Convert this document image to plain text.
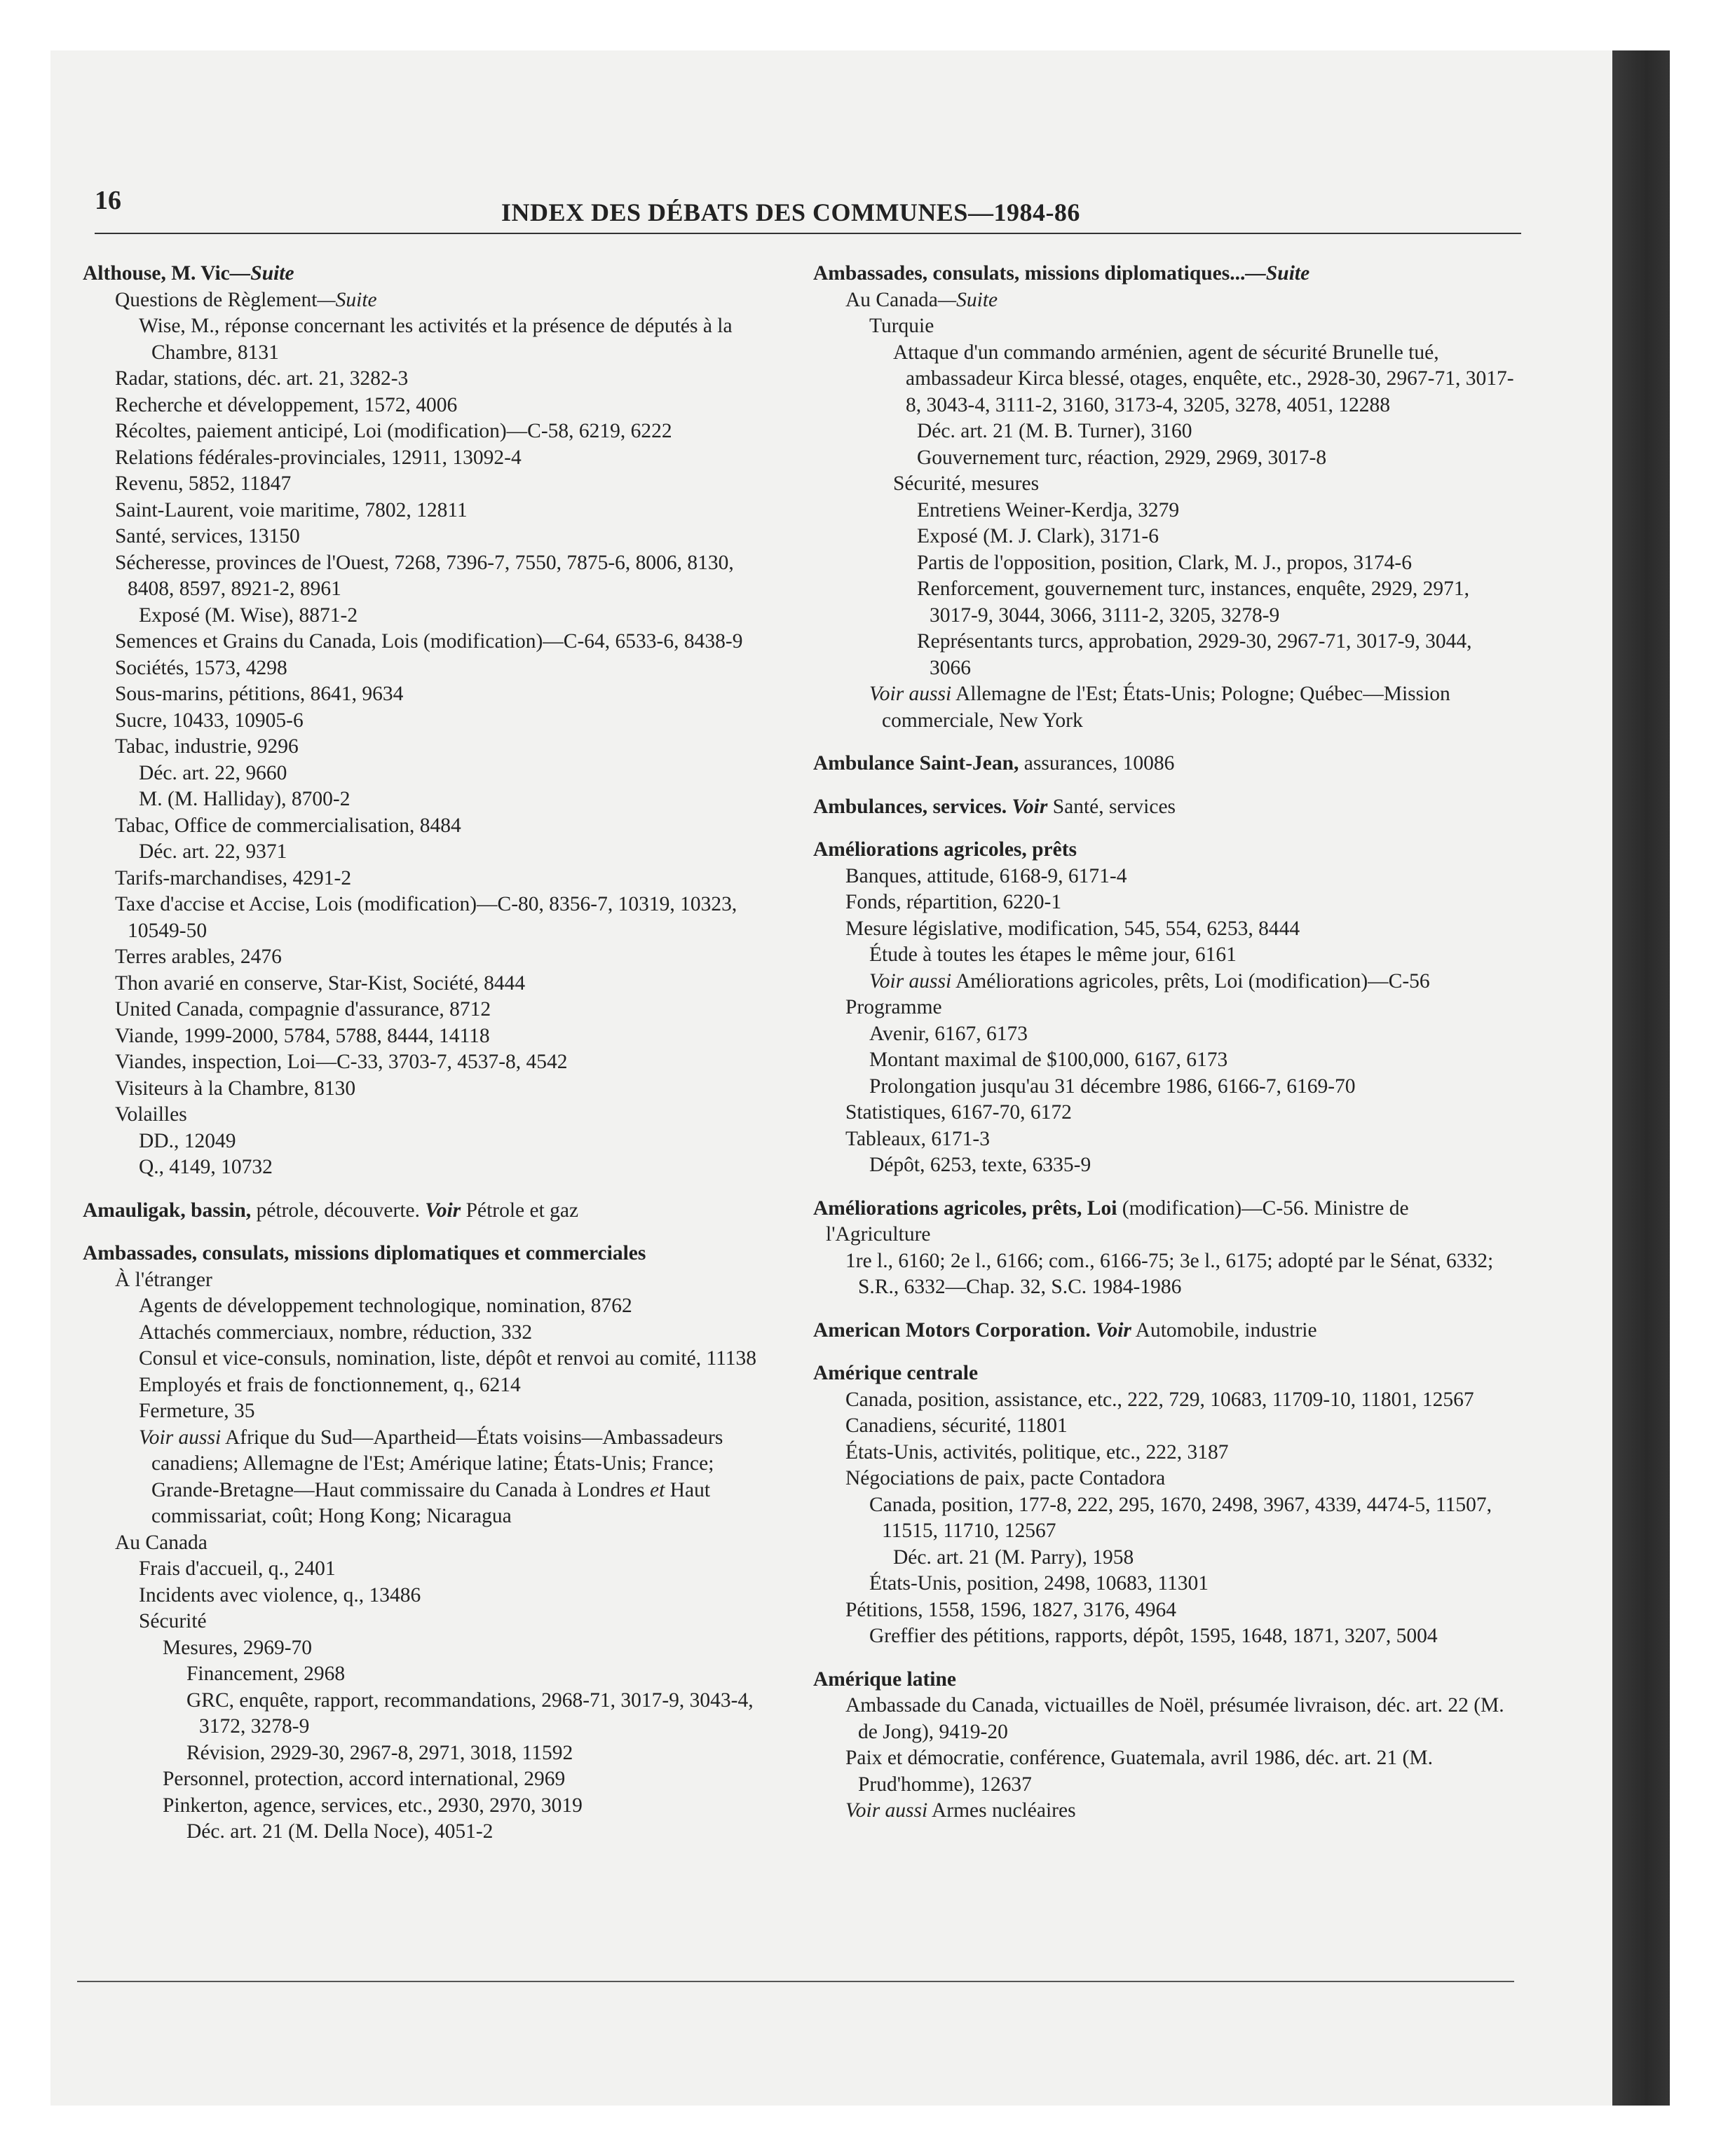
16	INDEX DES DÉBATS DES COMMUNES—1984-86
Althouse, M. Vic—Suite
Questions de Règlement—Suite
Wise, M., réponse concernant les activités et la présence de députés à la Chambre, 8131
Radar, stations, déc. art. 21, 3282-3
Recherche et développement, 1572, 4006
Récoltes, paiement anticipé, Loi (modification)—C-58, 6219, 6222
Relations fédérales-provinciales, 12911, 13092-4
Revenu, 5852, 11847
Saint-Laurent, voie maritime, 7802, 12811
Santé, services, 13150
Sécheresse, provinces de l'Ouest, 7268, 7396-7, 7550, 7875-6, 8006, 8130, 8408, 8597, 8921-2, 8961
Exposé (M. Wise), 8871-2
Semences et Grains du Canada, Lois (modification)—C-64, 6533-6, 8438-9
Sociétés, 1573, 4298
Sous-marins, pétitions, 8641, 9634
Sucre, 10433, 10905-6
Tabac, industrie, 9296
Déc. art. 22, 9660
M. (M. Halliday), 8700-2
Tabac, Office de commercialisation, 8484
Déc. art. 22, 9371
Tarifs-marchandises, 4291-2
Taxe d'accise et Accise, Lois (modification)—C-80, 8356-7, 10319, 10323, 10549-50
Terres arables, 2476
Thon avarié en conserve, Star-Kist, Société, 8444
United Canada, compagnie d'assurance, 8712
Viande, 1999-2000, 5784, 5788, 8444, 14118
Viandes, inspection, Loi—C-33, 3703-7, 4537-8, 4542
Visiteurs à la Chambre, 8130
Volailles
DD., 12049
Q., 4149, 10732
Amauligak, bassin, pétrole, découverte. Voir Pétrole et gaz
Ambassades, consulats, missions diplomatiques et commerciales
À l'étranger
Agents de développement technologique, nomination, 8762
Attachés commerciaux, nombre, réduction, 332
Consul et vice-consuls, nomination, liste, dépôt et renvoi au comité, 11138
Employés et frais de fonctionnement, q., 6214
Fermeture, 35
Voir aussi Afrique du Sud—Apartheid—États voisins—Ambassadeurs canadiens; Allemagne de l'Est; Amérique latine; États-Unis; France; Grande-Bretagne—Haut commissaire du Canada à Londres et Haut commissariat, coût; Hong Kong; Nicaragua
Au Canada
Frais d'accueil, q., 2401
Incidents avec violence, q., 13486
Sécurité
Mesures, 2969-70
Financement, 2968
GRC, enquête, rapport, recommandations, 2968-71, 3017-9, 3043-4, 3172, 3278-9
Révision, 2929-30, 2967-8, 2971, 3018, 11592
Personnel, protection, accord international, 2969
Pinkerton, agence, services, etc., 2930, 2970, 3019
Déc. art. 21 (M. Della Noce), 4051-2
Ambassades, consulats, missions diplomatiques...—Suite
Au Canada—Suite
Turquie
Attaque d'un commando arménien, agent de sécurité Brunelle tué, ambassadeur Kirca blessé, otages, enquête, etc., 2928-30, 2967-71, 3017-8, 3043-4, 3111-2, 3160, 3173-4, 3205, 3278, 4051, 12288
Déc. art. 21 (M. B. Turner), 3160
Gouvernement turc, réaction, 2929, 2969, 3017-8
Sécurité, mesures
Entretiens Weiner-Kerdja, 3279
Exposé (M. J. Clark), 3171-6
Partis de l'opposition, position, Clark, M. J., propos, 3174-6
Renforcement, gouvernement turc, instances, enquête, 2929, 2971, 3017-9, 3044, 3066, 3111-2, 3205, 3278-9
Représentants turcs, approbation, 2929-30, 2967-71, 3017-9, 3044, 3066
Voir aussi Allemagne de l'Est; États-Unis; Pologne; Québec—Mission commerciale, New York
Ambulance Saint-Jean, assurances, 10086
Ambulances, services. Voir Santé, services
Améliorations agricoles, prêts
Banques, attitude, 6168-9, 6171-4
Fonds, répartition, 6220-1
Mesure législative, modification, 545, 554, 6253, 8444
Étude à toutes les étapes le même jour, 6161
Voir aussi Améliorations agricoles, prêts, Loi (modification)—C-56
Programme
Avenir, 6167, 6173
Montant maximal de $100,000, 6167, 6173
Prolongation jusqu'au 31 décembre 1986, 6166-7, 6169-70
Statistiques, 6167-70, 6172
Tableaux, 6171-3
Dépôt, 6253, texte, 6335-9
Améliorations agricoles, prêts, Loi (modification)—C-56. Ministre de l'Agriculture
1re l., 6160; 2e l., 6166; com., 6166-75; 3e l., 6175; adopté par le Sénat, 6332; S.R., 6332—Chap. 32, S.C. 1984-1986
American Motors Corporation. Voir Automobile, industrie
Amérique centrale
Canada, position, assistance, etc., 222, 729, 10683, 11709-10, 11801, 12567
Canadiens, sécurité, 11801
États-Unis, activités, politique, etc., 222, 3187
Négociations de paix, pacte Contadora
Canada, position, 177-8, 222, 295, 1670, 2498, 3967, 4339, 4474-5, 11507, 11515, 11710, 12567
Déc. art. 21 (M. Parry), 1958
États-Unis, position, 2498, 10683, 11301
Pétitions, 1558, 1596, 1827, 3176, 4964
Greffier des pétitions, rapports, dépôt, 1595, 1648, 1871, 3207, 5004
Amérique latine
Ambassade du Canada, victuailles de Noël, présumée livraison, déc. art. 22 (M. de Jong), 9419-20
Paix et démocratie, conférence, Guatemala, avril 1986, déc. art. 21 (M. Prud'homme), 12637
Voir aussi Armes nucléaires
